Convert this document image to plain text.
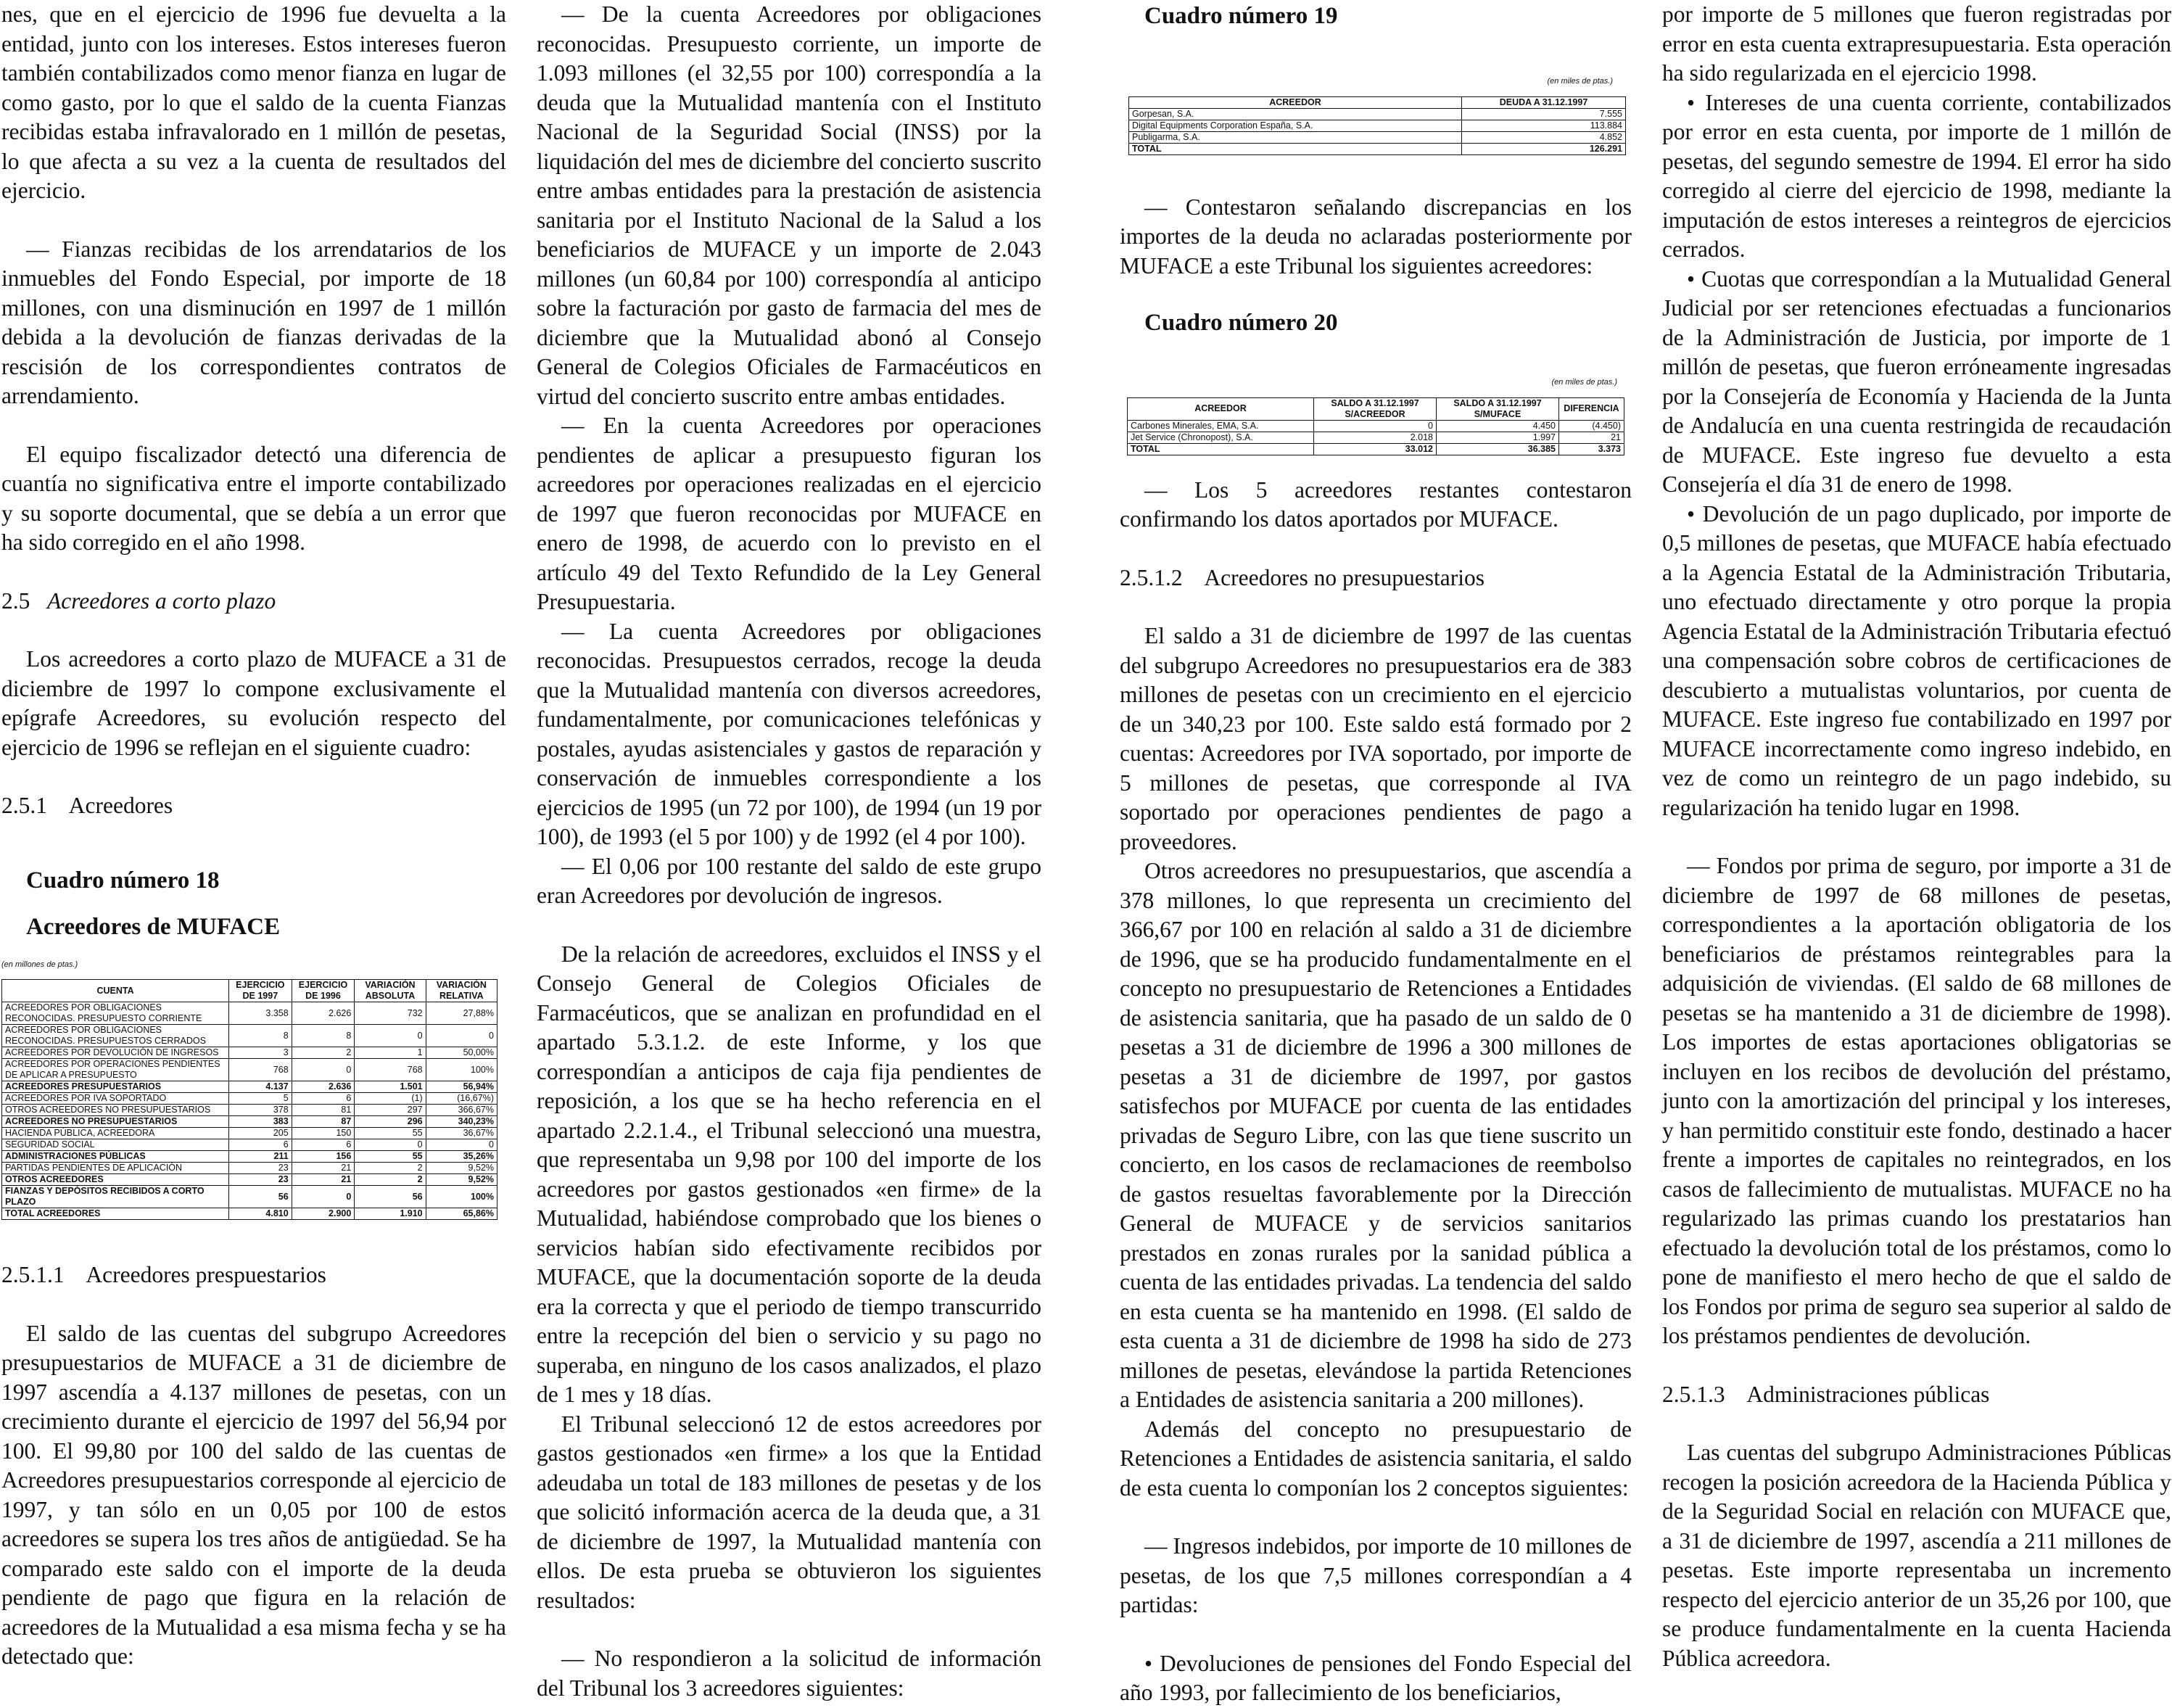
nes, que en el ejercicio de 1996 fue devuelta a la entidad, junto con los intereses. Estos intereses fueron también contabilizados como menor fianza en lugar de como gasto, por lo que el saldo de la cuenta Fianzas recibidas estaba infravalorado en 1 millón de pesetas, lo que afecta a su vez a la cuenta de resultados del ejercicio.

— Fianzas recibidas de los arrendatarios de los inmuebles del Fondo Especial, por importe de 18 millones, con una disminución en 1997 de 1 millón debida a la devolución de fianzas derivadas de la rescisión de los correspondientes contratos de arrendamiento.

El equipo fiscalizador detectó una diferencia de cuantía no significativa entre el importe contabilizado y su soporte documental, que se debía a un error que ha sido corregido en el año 1998.

2.5 Acreedores a corto plazo

Los acreedores a corto plazo de MUFACE a 31 de diciembre de 1997 lo compone exclusivamente el epígrafe Acreedores, su evolución respecto del ejercicio de 1996 se reflejan en el siguiente cuadro:

2.5.1    Acreedores

Cuadro número 18

Acreedores de MUFACE

(en millones de ptas.)
CUENTA	EJERCICIO DE 1997	EJERCICIO DE 1996	VARIACIÓN ABSOLUTA	VARIACIÓN RELATIVA
ACREEDORES POR OBLIGACIONES RECONOCIDAS. PRESUPUESTO CORRIENTE	3.358	2.626	732	27,88%
ACREEDORES POR OBLIGACIONES RECONOCIDAS. PRESUPUESTOS CERRADOS	8	8	0	0
ACREEDORES POR DEVOLUCIÓN DE INGRESOS	3	2	1	50,00%
ACREEDORES POR OPERACIONES PENDIENTES DE APLICAR A PRESUPUESTO	768	0	768	100%
ACREEDORES PRESUPUESTARIOS	4.137	2.636	1.501	56,94%
ACREEDORES POR IVA SOPORTADO	5	6	(1)	(16,67%)
OTROS ACREEDORES NO PRESUPUESTARIOS	378	81	297	366,67%
ACREEDORES NO PRESUPUESTARIOS	383	87	296	340,23%
HACIENDA PÚBLICA, ACREEDORA	205	150	55	36,67%
SEGURIDAD SOCIAL	6	6	0	0
ADMINISTRACIONES PÚBLICAS	211	156	55	35,26%
PARTIDAS PENDIENTES DE APLICACIÓN	23	21	2	9,52%
OTROS ACREEDORES	23	21	2	9,52%
FIANZAS Y DEPÓSITOS RECIBIDOS A CORTO PLAZO	56	0	56	100%
TOTAL ACREEDORES	4.810	2.900	1.910	65,86%
2.5.1.1    Acreedores prespuestarios

El saldo de las cuentas del subgrupo Acreedores presupuestarios de MUFACE a 31 de diciembre de 1997 ascendía a 4.137 millones de pesetas, con un crecimiento durante el ejercicio de 1997 del 56,94 por 100. El 99,80 por 100 del saldo de las cuentas de Acreedores presupuestarios corresponde al ejercicio de 1997, y tan sólo en un 0,05 por 100 de estos acreedores se supera los tres años de antigüedad. Se ha comparado este saldo con el importe de la deuda pendiente de pago que figura en la relación de acreedores de la Mutualidad a esa misma fecha y se ha detectado que:

— De la cuenta Acreedores por obligaciones reconocidas. Presupuesto corriente, un importe de 1.093 millones (el 32,55 por 100) correspondía a la deuda que la Mutualidad mantenía con el Instituto Nacional de la Seguridad Social (INSS) por la liquidación del mes de diciembre del concierto suscrito entre ambas entidades para la prestación de asistencia sanitaria por el Instituto Nacional de la Salud a los beneficiarios de MUFACE y un importe de 2.043 millones (un 60,84 por 100) correspondía al anticipo sobre la facturación por gasto de farmacia del mes de diciembre que la Mutualidad abonó al Consejo General de Colegios Oficiales de Farmacéuticos en virtud del concierto suscrito entre ambas entidades.

— En la cuenta Acreedores por operaciones pendientes de aplicar a presupuesto figuran los acreedores por operaciones realizadas en el ejercicio de 1997 que fueron reconocidas por MUFACE en enero de 1998, de acuerdo con lo previsto en el artículo 49 del Texto Refundido de la Ley General Presupuestaria.

— La cuenta Acreedores por obligaciones reconocidas. Presupuestos cerrados, recoge la deuda que la Mutualidad mantenía con diversos acreedores, fundamentalmente, por comunicaciones telefónicas y postales, ayudas asistenciales y gastos de reparación y conservación de inmuebles correspondiente a los ejercicios de 1995 (un 72 por 100), de 1994 (un 19 por 100), de 1993 (el 5 por 100) y de 1992 (el 4 por 100).

— El 0,06 por 100 restante del saldo de este grupo eran Acreedores por devolución de ingresos.

De la relación de acreedores, excluidos el INSS y el Consejo General de Colegios Oficiales de Farmacéuticos, que se analizan en profundidad en el apartado 5.3.1.2. de este Informe, y los que correspondían a anticipos de caja fija pendientes de reposición, a los que se ha hecho referencia en el apartado 2.2.1.4., el Tribunal seleccionó una muestra, que representaba un 9,98 por 100 del importe de los acreedores por gastos gestionados «en firme» de la Mutualidad, habiéndose comprobado que los bienes o servicios habían sido efectivamente recibidos por MUFACE, que la documentación soporte de la deuda era la correcta y que el periodo de tiempo transcurrido entre la recepción del bien o servicio y su pago no superaba, en ninguno de los casos analizados, el plazo de 1 mes y 18 días.

El Tribunal seleccionó 12 de estos acreedores por gastos gestionados «en firme» a los que la Entidad adeudaba un total de 183 millones de pesetas y de los que solicitó información acerca de la deuda que, a 31 de diciembre de 1997, la Mutualidad mantenía con ellos. De esta prueba se obtuvieron los siguientes resultados:

— No respondieron a la solicitud de información del Tribunal los 3 acreedores siguientes:

Cuadro número 19

(en miles de ptas.)
ACREEDOR	DEUDA A 31.12.1997
Gorpesan, S.A.	7.555
Digital Equipments Corporation España, S.A.	113.884
Publigarma, S.A.	4.852
TOTAL	126.291

— Contestaron señalando discrepancias en los importes de la deuda no aclaradas posteriormente por MUFACE a este Tribunal los siguientes acreedores:

Cuadro número 20

(en miles de ptas.)
ACREEDOR	SALDO A 31.12.1997 S/ACREEDOR	SALDO A 31.12.1997 S/MUFACE	DIFERENCIA
Carbones Minerales, EMA, S.A.	0	4.450	(4.450)
Jet Service (Chronopost), S.A.	2.018	1.997	21
TOTAL	33.012	36.385	3.373

— Los 5 acreedores restantes contestaron confirmando los datos aportados por MUFACE.

2.5.1.2    Acreedores no presupuestarios

El saldo a 31 de diciembre de 1997 de las cuentas del subgrupo Acreedores no presupuestarios era de 383 millones de pesetas con un crecimiento en el ejercicio de un 340,23 por 100. Este saldo está formado por 2 cuentas: Acreedores por IVA soportado, por importe de 5 millones de pesetas, que corresponde al IVA soportado por operaciones pendientes de pago a proveedores.

Otros acreedores no presupuestarios, que ascendía a 378 millones, lo que representa un crecimiento del 366,67 por 100 en relación al saldo a 31 de diciembre de 1996, que se ha producido fundamentalmente en el concepto no presupuestario de Retenciones a Entidades de asistencia sanitaria, que ha pasado de un saldo de 0 pesetas a 31 de diciembre de 1996 a 300 millones de pesetas a 31 de diciembre de 1997, por gastos satisfechos por MUFACE por cuenta de las entidades privadas de Seguro Libre, con las que tiene suscrito un concierto, en los casos de reclamaciones de reembolso de gastos resueltas favorablemente por la Dirección General de MUFACE y de servicios sanitarios prestados en zonas rurales por la sanidad pública a cuenta de las entidades privadas. La tendencia del saldo en esta cuenta se ha mantenido en 1998. (El saldo de esta cuenta a 31 de diciembre de 1998 ha sido de 273 millones de pesetas, elevándose la partida Retenciones a Entidades de asistencia sanitaria a 200 millones).

Además del concepto no presupuestario de Retenciones a Entidades de asistencia sanitaria, el saldo de esta cuenta lo componían los 2 conceptos siguientes:

— Ingresos indebidos, por importe de 10 millones de pesetas, de los que 7,5 millones correspondían a 4 partidas:

• Devoluciones de pensiones del Fondo Especial del año 1993, por fallecimiento de los beneficiarios,

por importe de 5 millones que fueron registradas por error en esta cuenta extrapresupuestaria. Esta operación ha sido regularizada en el ejercicio 1998.

• Intereses de una cuenta corriente, contabilizados por error en esta cuenta, por importe de 1 millón de pesetas, del segundo semestre de 1994. El error ha sido corregido al cierre del ejercicio de 1998, mediante la imputación de estos intereses a reintegros de ejercicios cerrados.

• Cuotas que correspondían a la Mutualidad General Judicial por ser retenciones efectuadas a funcionarios de la Administración de Justicia, por importe de 1 millón de pesetas, que fueron erróneamente ingresadas por la Consejería de Economía y Hacienda de la Junta de Andalucía en una cuenta restringida de recaudación de MUFACE. Este ingreso fue devuelto a esta Consejería el día 31 de enero de 1998.

• Devolución de un pago duplicado, por importe de 0,5 millones de pesetas, que MUFACE había efectuado a la Agencia Estatal de la Administración Tributaria, uno efectuado directamente y otro porque la propia Agencia Estatal de la Administración Tributaria efectuó una compensación sobre cobros de certificaciones de descubierto a mutualistas voluntarios, por cuenta de MUFACE. Este ingreso fue contabilizado en 1997 por MUFACE incorrectamente como ingreso indebido, en vez de como un reintegro de un pago indebido, su regularización ha tenido lugar en 1998.

— Fondos por prima de seguro, por importe a 31 de diciembre de 1997 de 68 millones de pesetas, correspondientes a la aportación obligatoria de los beneficiarios de préstamos reintegrables para la adquisición de viviendas. (El saldo de 68 millones de pesetas se ha mantenido a 31 de diciembre de 1998). Los importes de estas aportaciones obligatorias se incluyen en los recibos de devolución del préstamo, junto con la amortización del principal y los intereses, y han permitido constituir este fondo, destinado a hacer frente a importes de capitales no reintegrados, en los casos de fallecimiento de mutualistas. MUFACE no ha regularizado las primas cuando los prestatarios han efectuado la devolución total de los préstamos, como lo pone de manifiesto el mero hecho de que el saldo de los Fondos por prima de seguro sea superior al saldo de los préstamos pendientes de devolución.

2.5.1.3    Administraciones públicas

Las cuentas del subgrupo Administraciones Públicas recogen la posición acreedora de la Hacienda Pública y de la Seguridad Social en relación con MUFACE que, a 31 de diciembre de 1997, ascendía a 211 millones de pesetas. Este importe representaba un incremento respecto del ejercicio anterior de un 35,26 por 100, que se produce fundamentalmente en la cuenta Hacienda Pública acreedora.
